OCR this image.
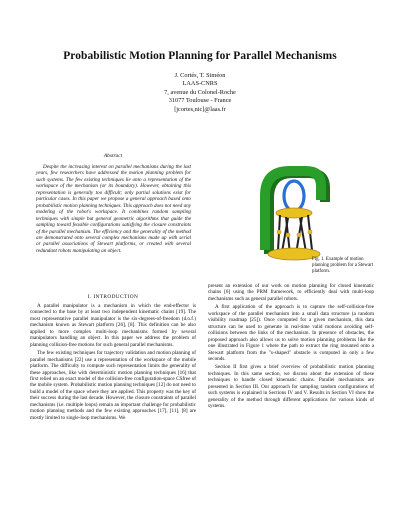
Probabilistic Motion Planning for Parallel Mechanisms
J. Cortés, T. Siméon
LAAS-CNRS
7, avenue du Colonel-Roche
31077 Toulouse - France
[jcortes,nic]@laas.fr
Abstract

Despite the increasing interest on parallel mechanisms during the last years, few researchers have addressed the motion planning problem for such systems. The few existing techniques lie onto a representation of the workspace of the mechanism (or its boundary). However, obtaining this representation is generally too difficult; only partial solutions exist for particular cases. In this paper we propose a general approach based onto probabilistic motion planning techniques. This approach does not need any modeling of the robot's workspace. It combines random sampling techniques with simple but general geometric algorithms that guide the sampling toward feasible configurations satisfying the closure constraints of the parallel mechanism. The efficiency and the generality of the method are demonstrated onto several complex mechanisms made up with serial or parallel associations of Stewart platforms, or created with several redundant robots manipulating an object.

I. INTRODUCTION

A parallel manipulator is a mechanism in which the end-effector is connected to the base by at least two independent kinematic chains [19]. The most representative parallel manipulator is the six-degrees-of-freedom (d.o.f.) mechanism known as Stewart platform [26], [8]. This definition can be also applied to more complex multi-loop mechanisms formed by several manipulators handling an object. In this paper we address the problem of planning collision-free motions for such general parallel mechanisms.

The few existing techniques for trajectory validation and motion planning of parallel mechanisms [22] use a representation of the workspace of the mobile platform. The difficulty to compute such representation limits the generality of these approaches, like with deterministic motion planning techniques [16] that first relied on an exact model of the collision-free configuration-space CSfree of the mobile system. Probabilistic motion planning techniques [12] do not need to build a model of the space where they are applied. This property was the key of their success during the last decade. However, the closure constraints of parallel mechanisms (i.e. multiple loops) remain an important challenge for probabilistic motion planning methods and the few existing approaches [17], [11], [8] are mostly limited to single-loop mechanisms. We

Fig. 1. Example of motion planning problem for a Stewart platform.

present an extension of our work on motion planning for closed kinematic chains [6] using the PRM framework, to efficiently deal with multi-loop mechanisms such as general parallel robots.

A first application of the approach is to capture the self-collision-free workspace of the parallel mechanism into a small data structure (a random visibility roadmap [25]). Once computed for a given mechanism, this data structure can be used to generate in real-time valid motions avoiding self-collisions between the links of the mechanism. In presence of obstacles, the proposed approach also allows us to solve motion planning problems like the one illustrated in Figure 1 where the path to extract the ring mounted onto a Stewart platform from the "s-shaped" obstacle is computed in only a few seconds.

Section II first gives a brief overview of probabilistic motion planning techniques. In this same section, we discuss about the extension of these techniques to handle closed kinematic chains. Parallel mechanisms are presented in Section III. Our approach for sampling random configurations of such systems is explained in Sections IV and V. Results in Section VI show the generality of the method through different applications for various kinds of systems.
